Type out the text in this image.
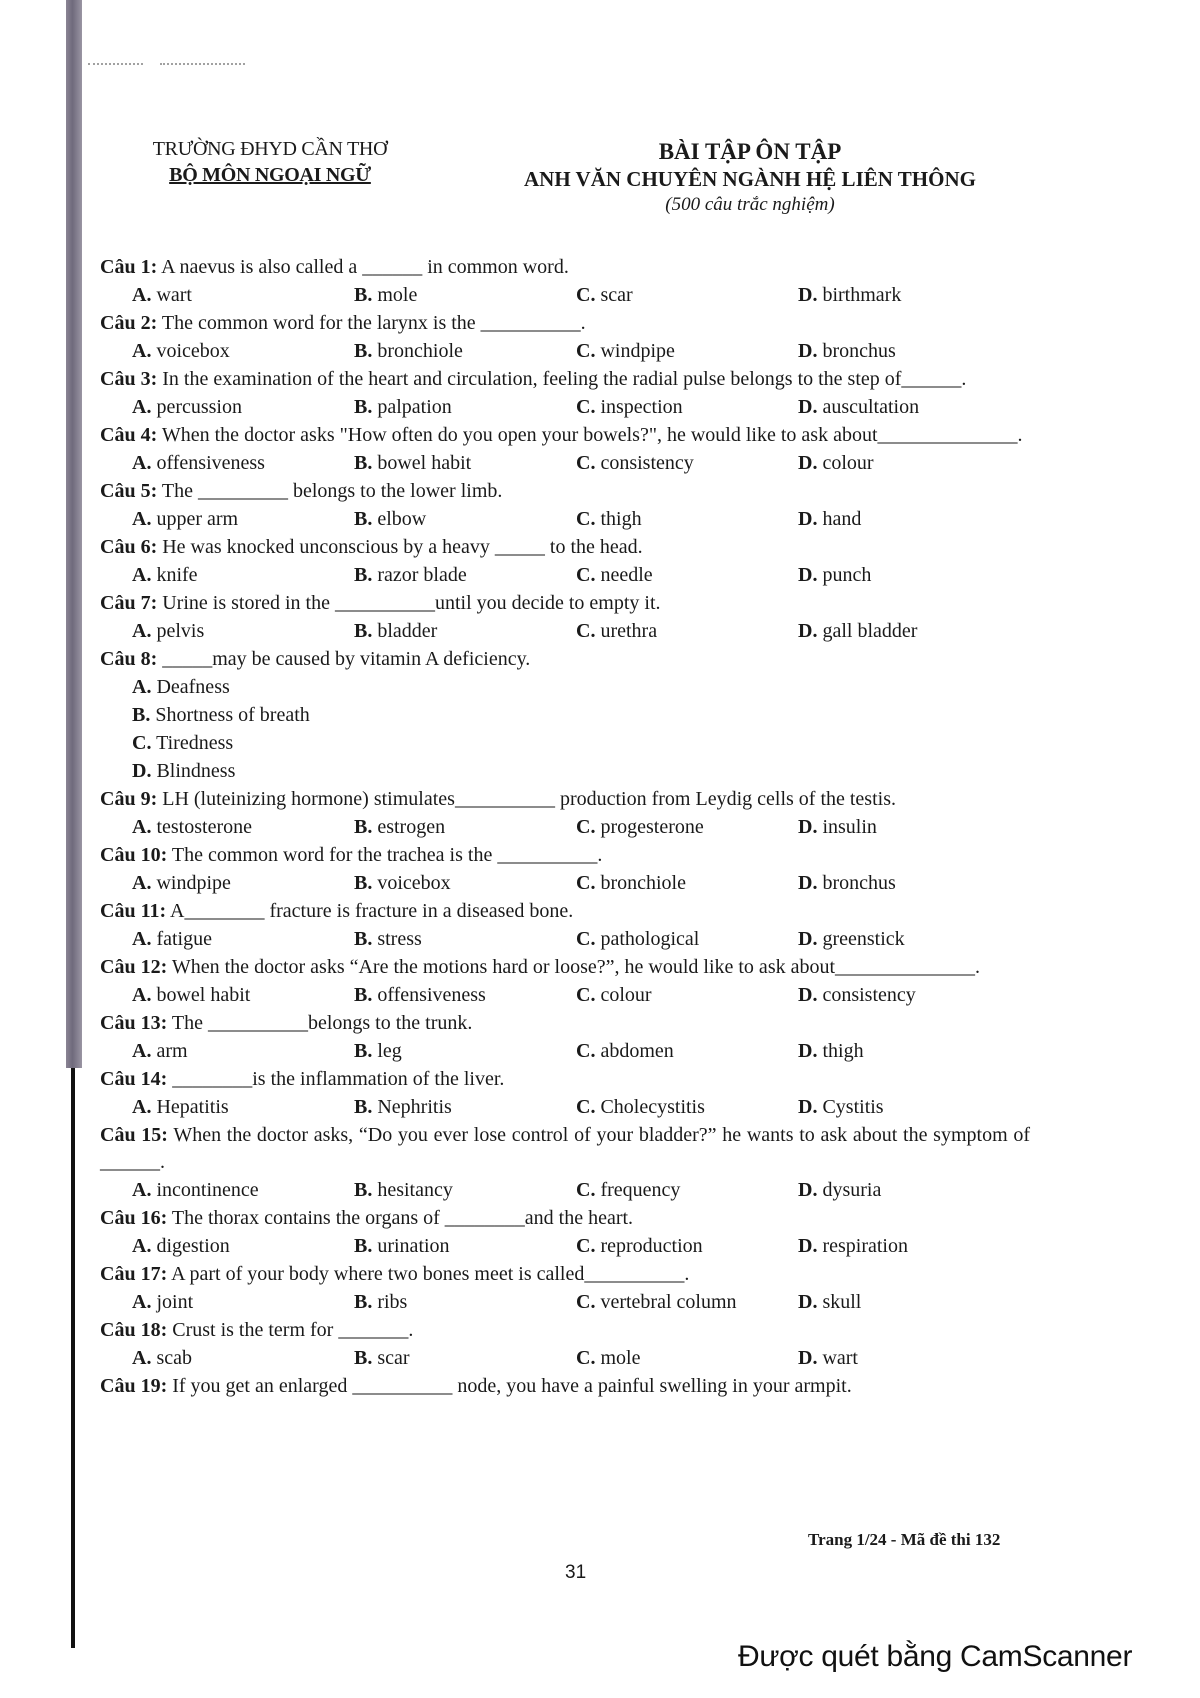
TRƯỜNG ĐHYD CẦN THƠ
BỘ MÔN NGOẠI NGỮ
BÀI TẬP ÔN TẬP
ANH VĂN CHUYÊN NGÀNH HỆ LIÊN THÔNG
(500 câu trắc nghiệm)
Câu 1: A naevus is also called a ______ in common word.
A. wart	B. mole	C. scar	D. birthmark
Câu 2: The common word for the larynx is the __________.
A. voicebox	B. bronchiole	C. windpipe	D. bronchus
Câu 3: In the examination of the heart and circulation, feeling the radial pulse belongs to the step of______.
A. percussion	B. palpation	C. inspection	D. auscultation
Câu 4: When the doctor asks "How often do you open your bowels?", he would like to ask about______________.
A. offensiveness	B. bowel habit	C. consistency	D. colour
Câu 5: The _________ belongs to the lower limb.
A. upper arm	B. elbow	C. thigh	D. hand
Câu 6: He was knocked unconscious by a heavy _____ to the head.
A. knife	B. razor blade	C. needle	D. punch
Câu 7: Urine is stored in the __________until you decide to empty it.
A. pelvis	B. bladder	C. urethra	D. gall bladder
Câu 8: _____may be caused by vitamin A deficiency.
A. Deafness
B. Shortness of breath
C. Tiredness
D. Blindness
Câu 9: LH (luteinizing hormone) stimulates__________ production from Leydig cells of the testis.
A. testosterone	B. estrogen	C. progesterone	D. insulin
Câu 10: The common word for the trachea is the __________.
A. windpipe	B. voicebox	C. bronchiole	D. bronchus
Câu 11: A________ fracture is fracture in a diseased bone.
A. fatigue	B. stress	C. pathological	D. greenstick
Câu 12: When the doctor asks “Are the motions hard or loose?”, he would like to ask about______________.
A. bowel habit	B. offensiveness	C. colour	D. consistency
Câu 13: The __________belongs to the trunk.
A. arm	B. leg	C. abdomen	D. thigh
Câu 14: ________is the inflammation of the liver.
A. Hepatitis	B. Nephritis	C. Cholecystitis	D. Cystitis
Câu 15: When the doctor asks, “Do you ever lose control of your bladder?” he wants to ask about the symptom of ______.
A. incontinence	B. hesitancy	C. frequency	D. dysuria
Câu 16: The thorax contains the organs of ________and the heart.
A. digestion	B. urination	C. reproduction	D. respiration
Câu 17: A part of your body where two bones meet is called__________.
A. joint	B. ribs	C. vertebral column	D. skull
Câu 18: Crust is the term for _______.
A. scab	B. scar	C. mole	D. wart
Câu 19: If you get an enlarged __________ node, you have a painful swelling in your armpit.
Trang 1/24 - Mã đề thi 132
31
Được quét bằng CamScanner
